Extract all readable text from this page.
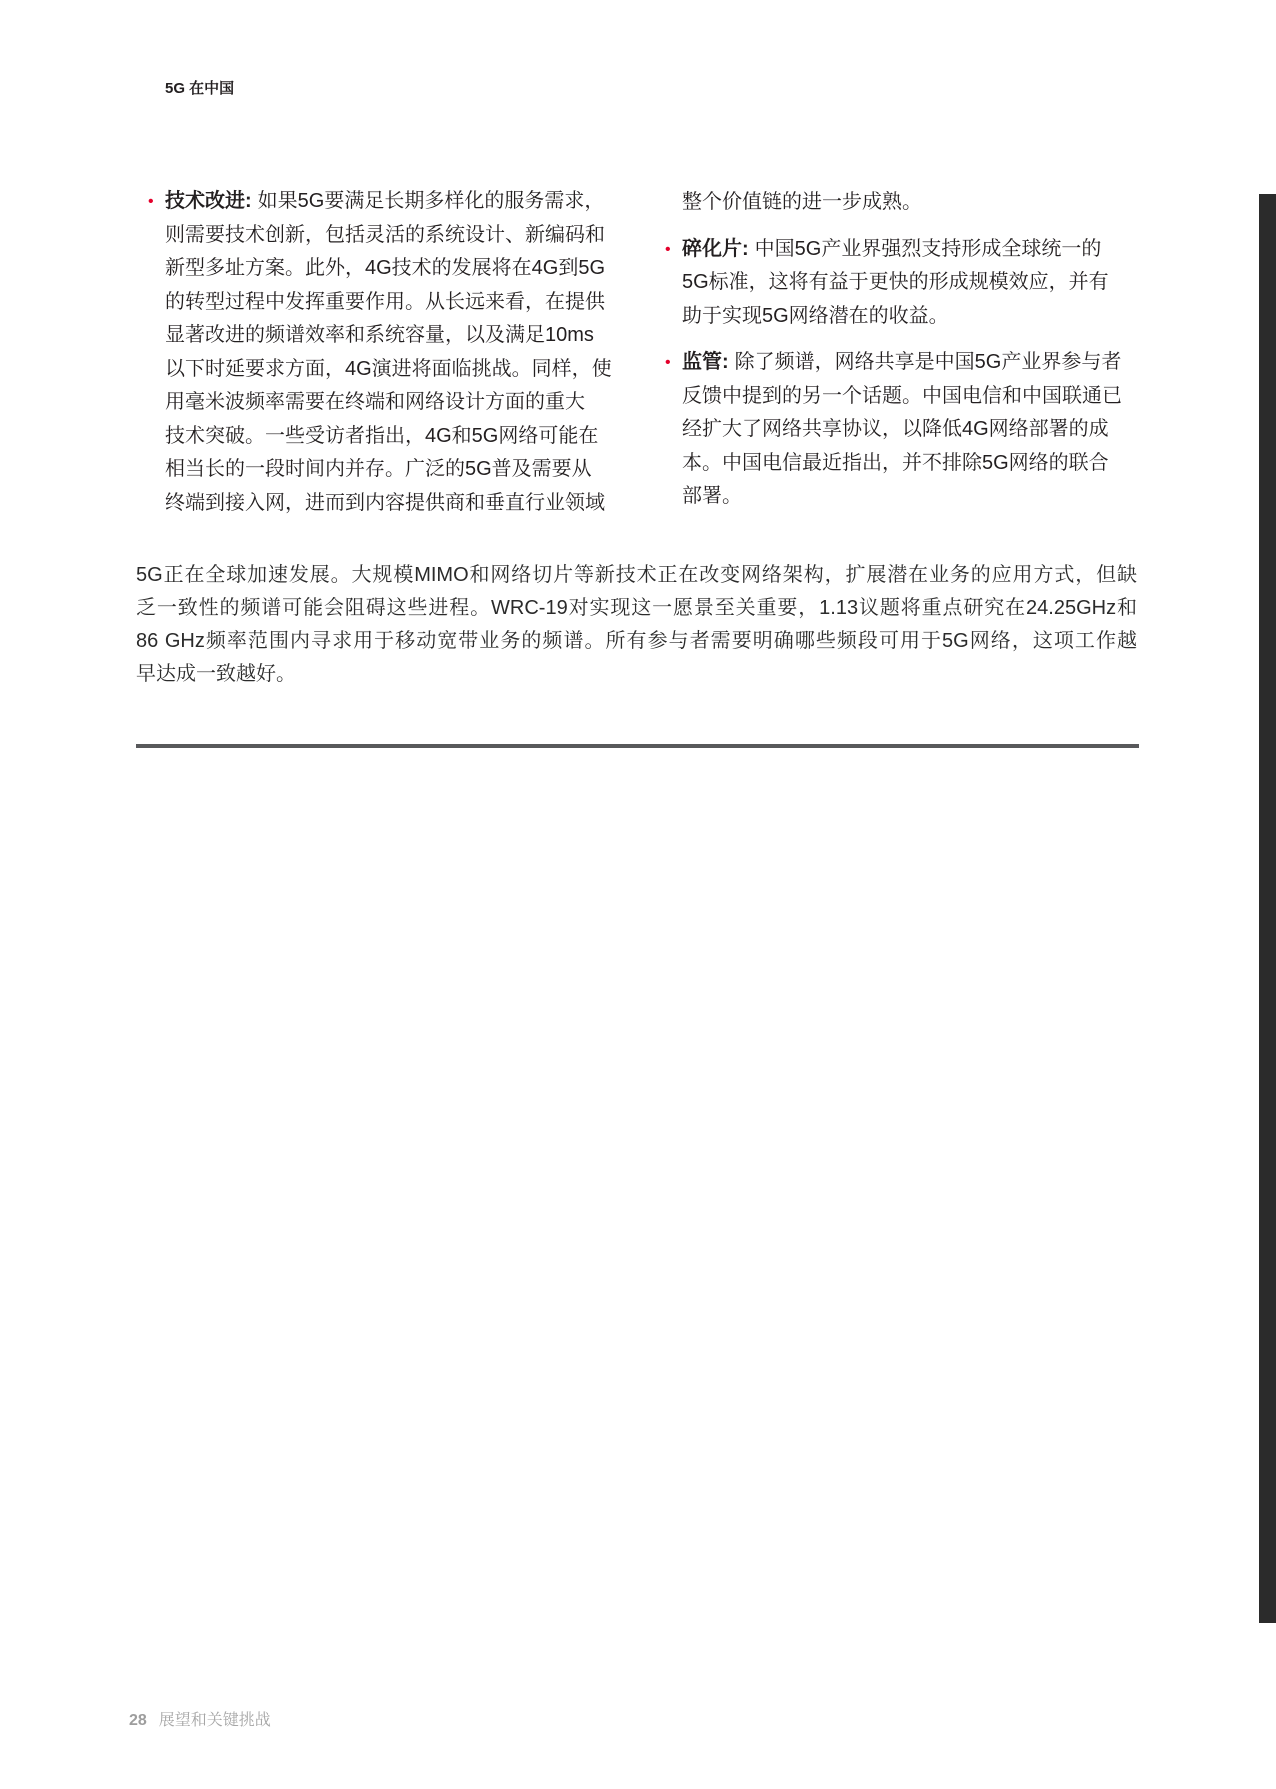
5G 在中国
• 技术改进: 如果5G要满足长期多样化的服务需求，
则需要技术创新，包括灵活的系统设计、新编码和
新型多址方案。此外，4G技术的发展将在4G到5G
的转型过程中发挥重要作用。从长远来看，在提供
显著改进的频谱效率和系统容量，以及满足10ms
以下时延要求方面，4G演进将面临挑战。同样，使
用毫米波频率需要在终端和网络设计方面的重大
技术突破。一些受访者指出，4G和5G网络可能在
相当长的一段时间内并存。广泛的5G普及需要从
终端到接入网，进而到内容提供商和垂直行业领域
整个价值链的进一步成熟。
• 碎化片: 中国5G产业界强烈支持形成全球统一的
5G标准，这将有益于更快的形成规模效应，并有
助于实现5G网络潜在的收益。
• 监管: 除了频谱，网络共享是中国5G产业界参与者
反馈中提到的另一个话题。中国电信和中国联通已
经扩大了网络共享协议，以降低4G网络部署的成
本。中国电信最近指出，并不排除5G网络的联合
部署。
5G正在全球加速发展。大规模MIMO和网络切片等新技术正在改变网络架构，扩展潜在业务的应用方式，但缺
乏一致性的频谱可能会阻碍这些进程。WRC-19对实现这一愿景至关重要，1.13议题将重点研究在24.25GHz和
86 GHz频率范围内寻求用于移动宽带业务的频谱。所有参与者需要明确哪些频段可用于5G网络，这项工作越
早达成一致越好。
28 展望和关键挑战
